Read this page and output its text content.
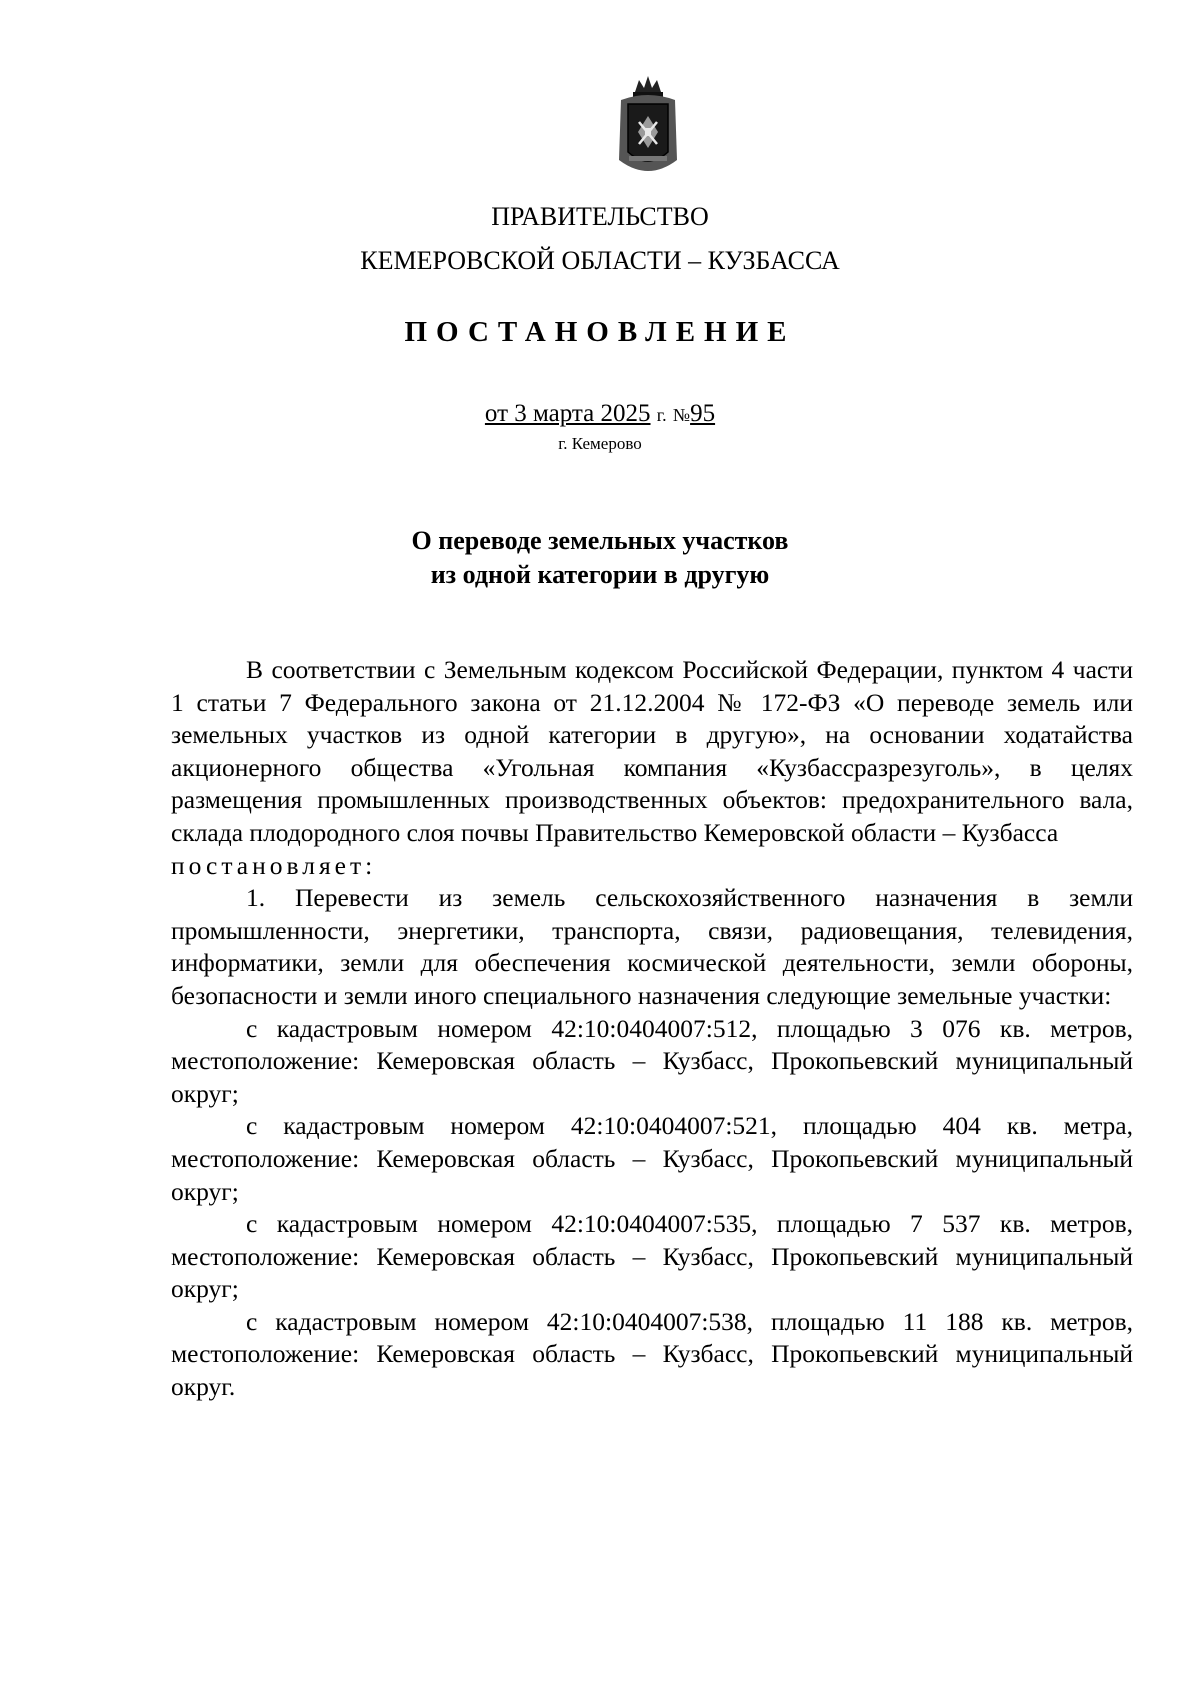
ПРАВИТЕЛЬСТВО
КЕМЕРОВСКОЙ ОБЛАСТИ – КУЗБАССА
ПОСТАНОВЛЕНИЕ
от 3 марта 2025 г. №95
г. Кемерово
О переводе земельных участков
из одной категории в другую

В соответствии с Земельным кодексом Российской Федерации, пунктом 4 части 1 статьи 7 Федерального закона от 21.12.2004 № 172-ФЗ «О переводе земель или земельных участков из одной категории в другую», на основании ходатайства акционерного общества «Угольная компания «Кузбассразрезуголь», в целях размещения промышленных производственных объектов: предохранительного вала, склада плодородного слоя почвы Правительство Кемеровской области – Кузбасса

постановляет:

1. Перевести из земель сельскохозяйственного назначения в земли промышленности, энергетики, транспорта, связи, радиовещания, телевидения, информатики, земли для обеспечения космической деятельности, земли обороны, безопасности и земли иного специального назначения следующие земельные участки:

с кадастровым номером 42:10:0404007:512, площадью 3 076 кв. метров, местоположение: Кемеровская область – Кузбасс, Прокопьевский муниципальный округ;

с кадастровым номером 42:10:0404007:521, площадью 404 кв. метра, местоположение: Кемеровская область – Кузбасс, Прокопьевский муниципальный округ;

с кадастровым номером 42:10:0404007:535, площадью 7 537 кв. метров, местоположение: Кемеровская область – Кузбасс, Прокопьевский муниципальный округ;

с кадастровым номером 42:10:0404007:538, площадью 11 188 кв. метров, местоположение: Кемеровская область – Кузбасс, Прокопьевский муниципальный округ.
